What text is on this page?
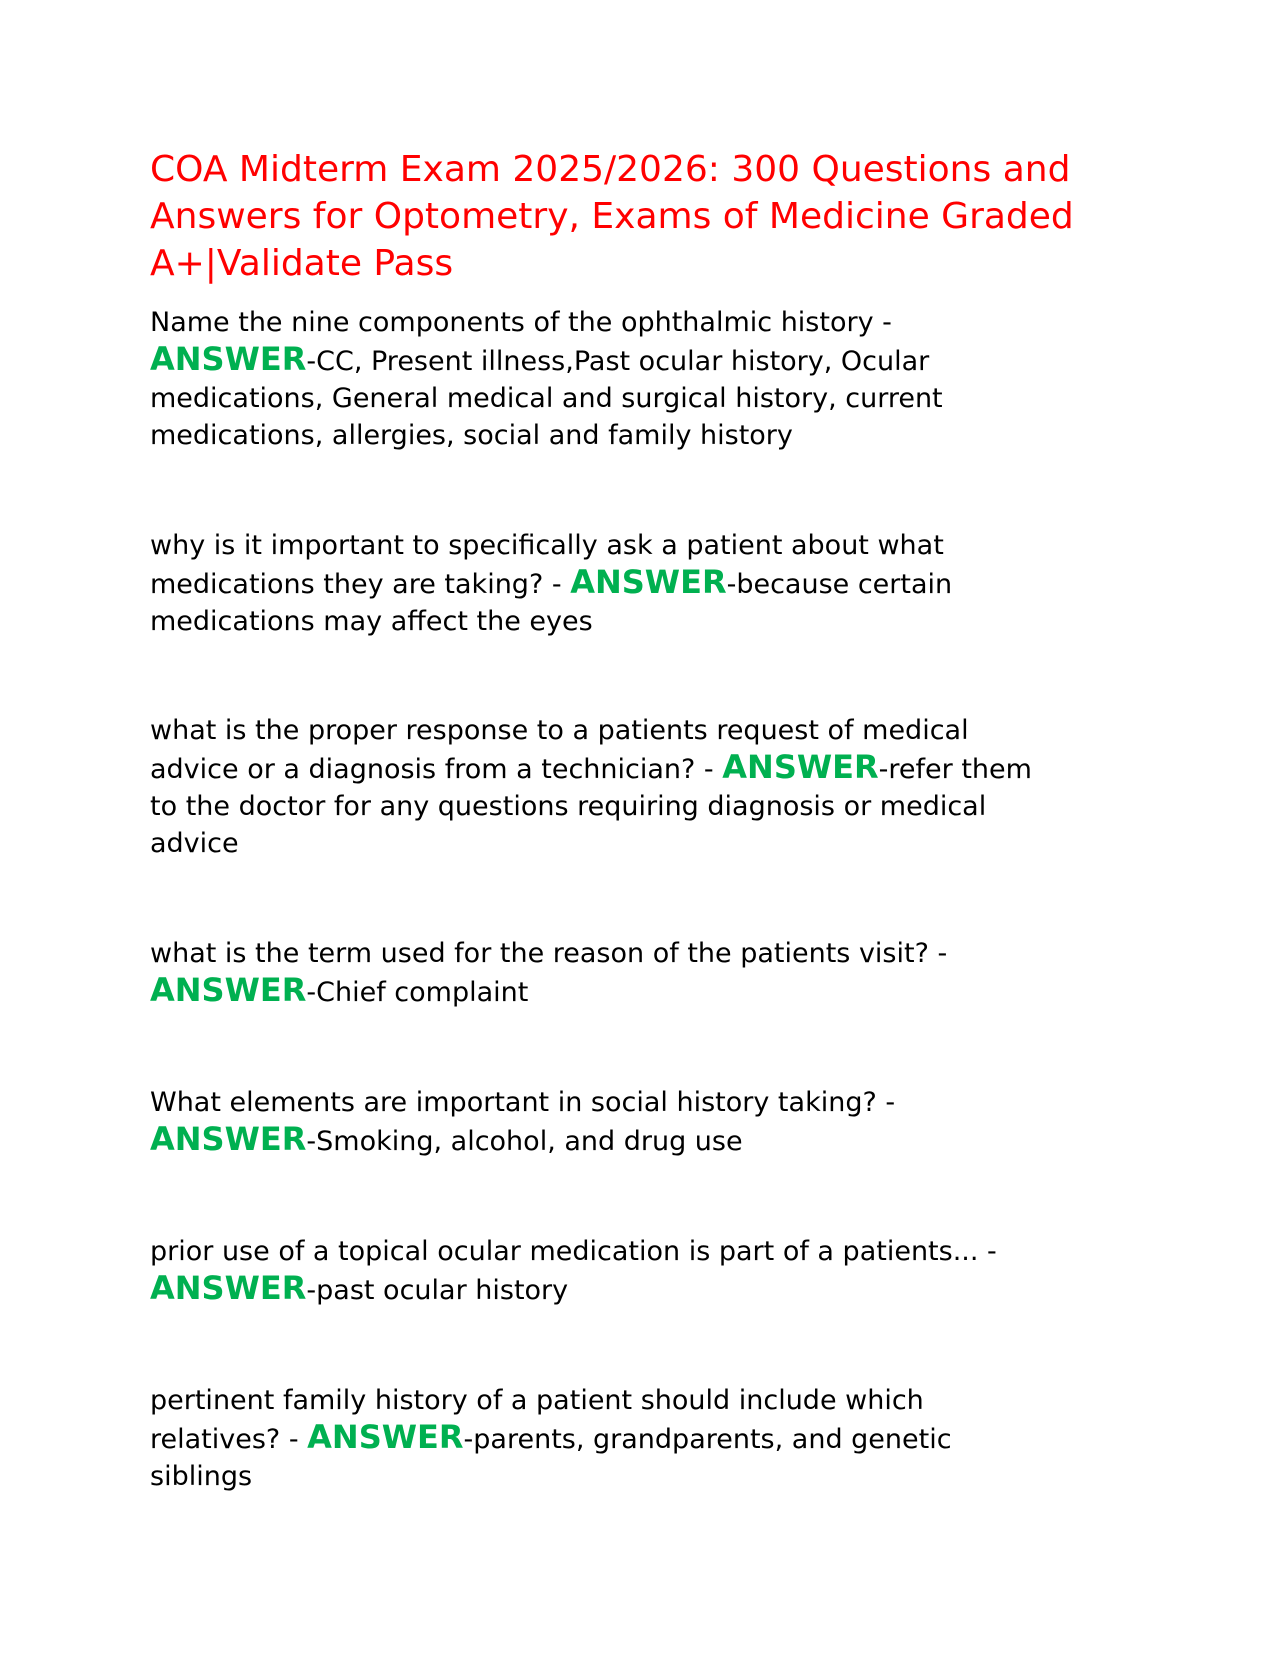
COA Midterm Exam 2025/2026: 300 Questions and
Answers for Optometry, Exams of Medicine Graded
A+|Validate Pass

Name the nine components of the ophthalmic history -
ANSWER-CC, Present illness,Past ocular history, Ocular
medications, General medical and surgical history, current
medications, allergies, social and family history

why is it important to specifically ask a patient about what
medications they are taking? - ANSWER-because certain
medications may affect the eyes

what is the proper response to a patients request of medical
advice or a diagnosis from a technician? - ANSWER-refer them
to the doctor for any questions requiring diagnosis or medical
advice

what is the term used for the reason of the patients visit? -
ANSWER-Chief complaint

What elements are important in social history taking? -
ANSWER-Smoking, alcohol, and drug use

prior use of a topical ocular medication is part of a patients... -
ANSWER-past ocular history

pertinent family history of a patient should include which
relatives? - ANSWER-parents, grandparents, and genetic
siblings
